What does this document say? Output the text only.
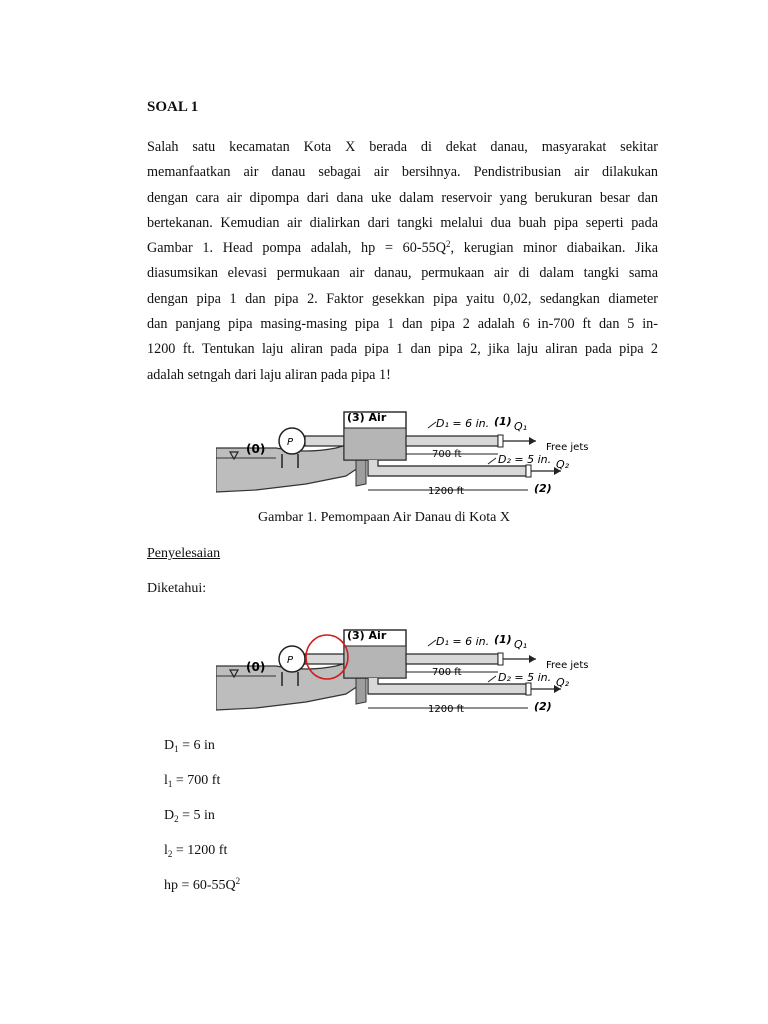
SOAL 1
Salah satu kecamatan Kota X berada di dekat danau, masyarakat sekitar
memanfaatkan air danau sebagai air bersihnya. Pendistribusian air dilakukan
dengan cara air dipompa dari dana uke dalam reservoir yang berukuran besar dan
bertekanan. Kemudian air dialirkan dari tangki melalui dua buah pipa seperti pada
Gambar 1. Head pompa adalah, hp = $60-55Q^2$, kerugian minor diabaikan. Jika
diasumsikan elevasi permukaan air danau, permukaan air di dalam tangki sama
dengan pipa 1 dan pipa 2. Faktor gesekkan pipa yaitu 0,02, sedangkan diameter
dan panjang pipa masing-masing pipa 1 dan pipa 2 adalah 6 in-700 ft dan 5 in-
1200 ft. Tentukan laju aliran pada pipa 1 dan pipa 2, jika laju aliran pada pipa 2
adalah setngah dari laju aliran pada pipa 1!
(0) P
(3) Air	D₁ = 6 in. (1) Q₁
Free jets
700 ft	D₂ = 5 in. Q₂
1200 ft	(2)
Gambar 1. Pemompaan Air Danau di Kota X
Penyelesaian
Diketahui:
(0) P
(3) Air	D₁ = 6 in. (1) Q₁
Free jets
700 ft	D₂ = 5 in. Q₂
1200 ft	(2)
$D_1 = 6$ in
$l_1 = 700$ ft
$D_2 = 5$ in
$l_2 = 1200$ ft
hp = $60-55Q^2$
